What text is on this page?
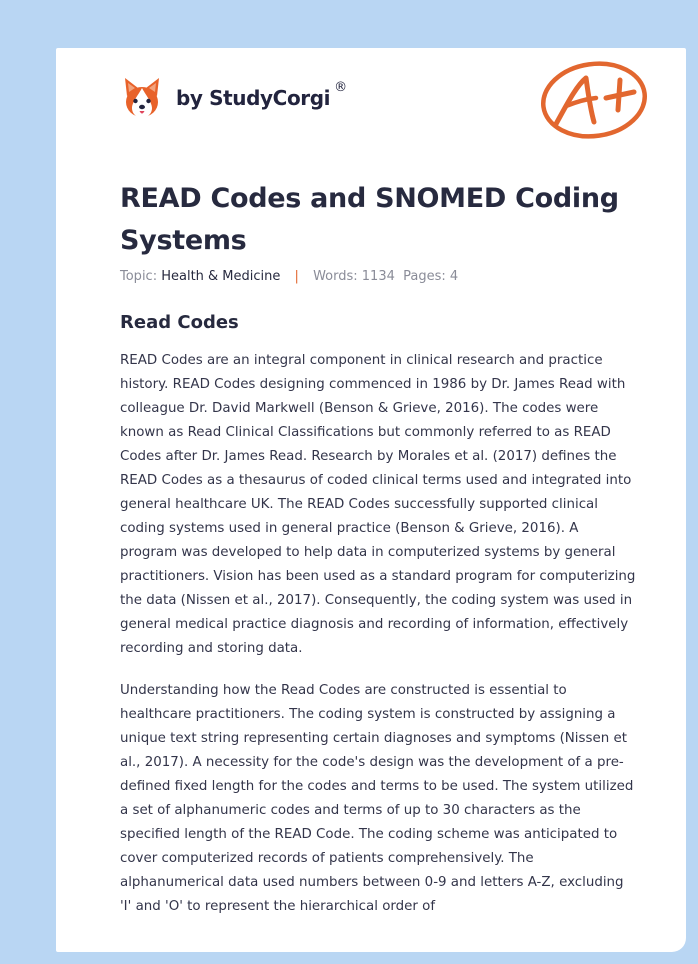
by StudyCorgi ®
READ Codes and SNOMED Coding Systems
Topic: Health & Medicine | Words: 1134 Pages: 4
Read Codes

READ Codes are an integral component in clinical research and practice history. READ Codes designing commenced in 1986 by Dr. James Read with colleague Dr. David Markwell (Benson & Grieve, 2016). The codes were known as Read Clinical Classifications but commonly referred to as READ Codes after Dr. James Read. Research by Morales et al. (2017) defines the READ Codes as a thesaurus of coded clinical terms used and integrated into general healthcare UK. The READ Codes successfully supported clinical coding systems used in general practice (Benson & Grieve, 2016). A program was developed to help data in computerized systems by general practitioners. Vision has been used as a standard program for computerizing the data (Nissen et al., 2017). Consequently, the coding system was used in general medical practice diagnosis and recording of information, effectively recording and storing data.

Understanding how the Read Codes are constructed is essential to healthcare practitioners. The coding system is constructed by assigning a unique text string representing certain diagnoses and symptoms (Nissen et al., 2017). A necessity for the code's design was the development of a pre-defined fixed length for the codes and terms to be used. The system utilized a set of alphanumeric codes and terms of up to 30 characters as the specified length of the READ Code. The coding scheme was anticipated to cover computerized records of patients comprehensively. The alphanumerical data used numbers between 0-9 and letters A-Z, excluding 'I' and 'O' to represent the hierarchical order of
